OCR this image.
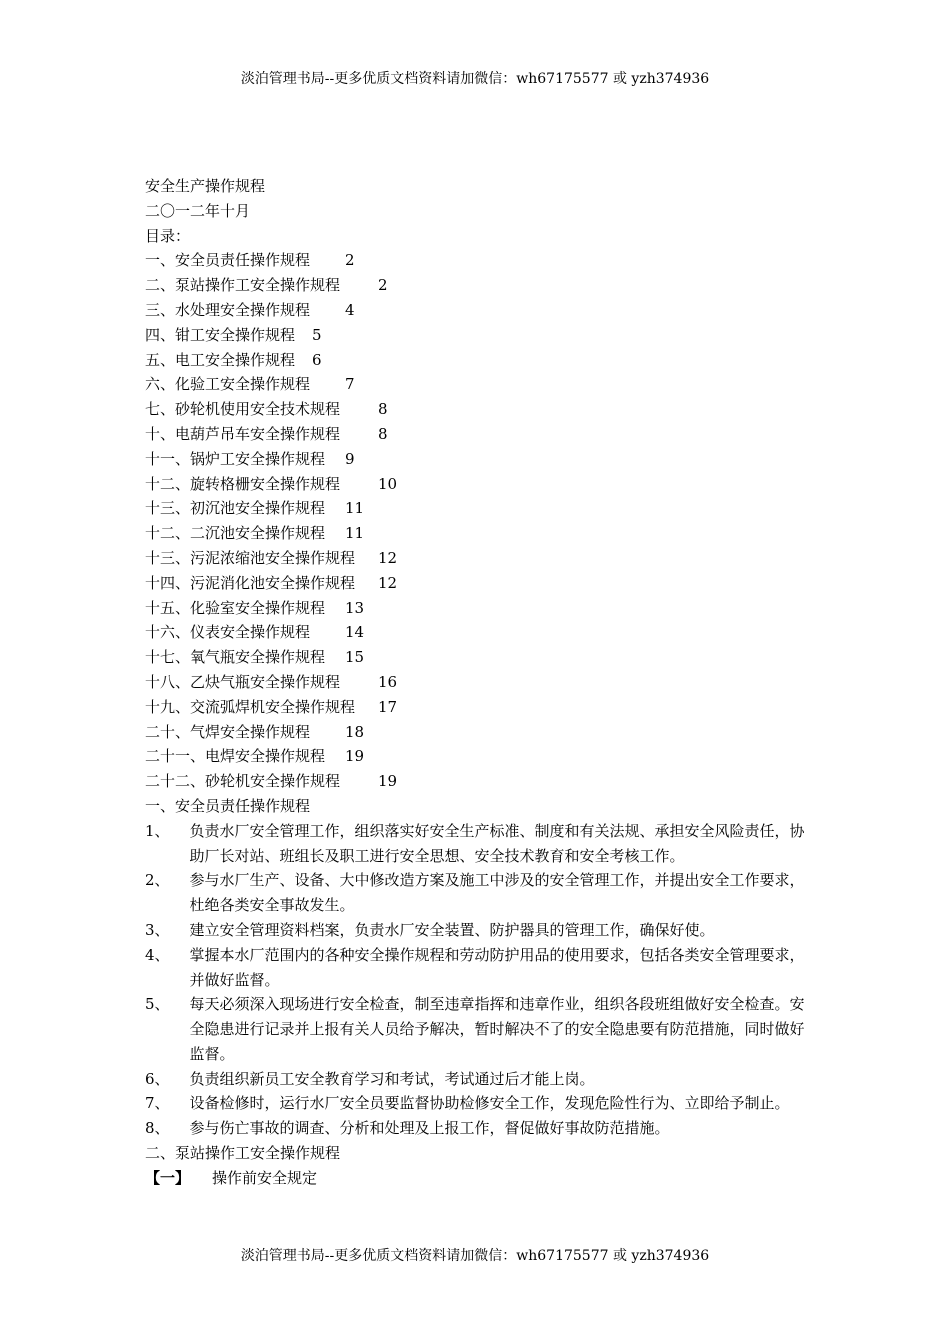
淡泊管理书局--更多优质文档资料请加微信：wh67175577 或 yzh374936
安全生产操作规程
二〇一二年十月
目录：
一、安全员责任操作规程 2
二、泵站操作工安全操作规程	2
三、水处理安全操作规程 4
四、钳工安全操作规程 5
五、电工安全操作规程 6
六、化验工安全操作规程 7
七、砂轮机使用安全技术规程	8
十、电葫芦吊车安全操作规程	8
十一、锅炉工安全操作规程 9
十二、旋转格栅安全操作规程	10
十三、初沉池安全操作规程 11
十二、二沉池安全操作规程 11
十三、污泥浓缩池安全操作规程 12
十四、污泥消化池安全操作规程 12
十五、化验室安全操作规程 13
十六、仪表安全操作规程 14
十七、氧气瓶安全操作规程 15
十八、乙炔气瓶安全操作规程	16
十九、交流弧焊机安全操作规程 17
二十、气焊安全操作规程 18
二十一、电焊安全操作规程 19
二十二、砂轮机安全操作规程	19
一、安全员责任操作规程
1、	负责水厂安全管理工作，组织落实好安全生产标准、制度和有关法规、承担安全风险责任，协助厂长对站、班组长及职工进行安全思想、安全技术教育和安全考核工作。
2、	参与水厂生产、设备、大中修改造方案及施工中涉及的安全管理工作，并提出安全工作要求，杜绝各类安全事故发生。
3、	建立安全管理资料档案，负责水厂安全装置、防护器具的管理工作，确保好使。
4、	掌握本水厂范围内的各种安全操作规程和劳动防护用品的使用要求，包括各类安全管理要求，并做好监督。
5、	每天必须深入现场进行安全检查，制至违章指挥和违章作业，组织各段班组做好安全检查。安全隐患进行记录并上报有关人员给予解决，暂时解决不了的安全隐患要有防范措施，同时做好监督。
6、	负责组织新员工安全教育学习和考试，考试通过后才能上岗。
7、	设备检修时，运行水厂安全员要监督协助检修安全工作，发现危险性行为、立即给予制止。
8、	参与伤亡事故的调查、分析和处理及上报工作，督促做好事故防范措施。
二、泵站操作工安全操作规程
【一】 操作前安全规定
淡泊管理书局--更多优质文档资料请加微信：wh67175577 或 yzh374936
